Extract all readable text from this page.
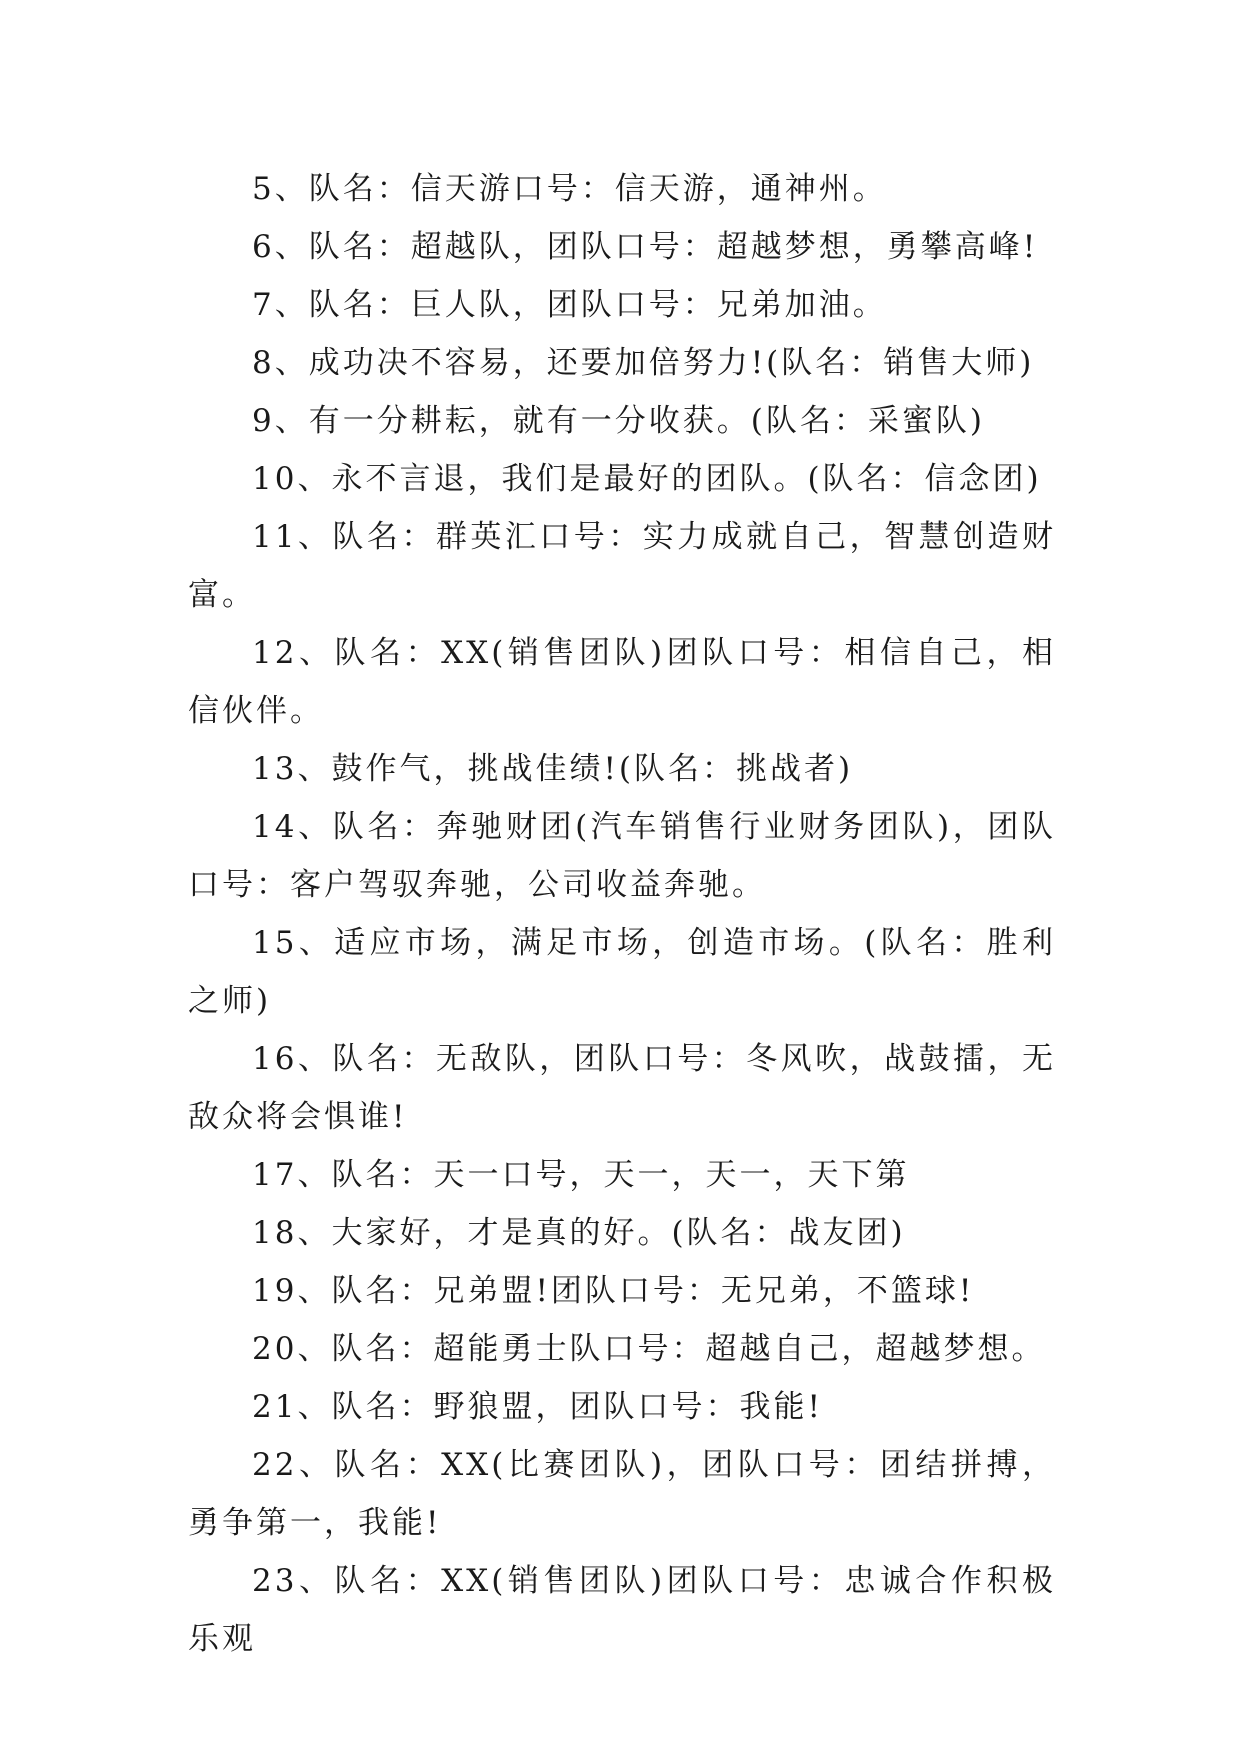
5、队名：信天游口号：信天游，通神州。

6、队名：超越队，团队口号：超越梦想，勇攀高峰!

7、队名：巨人队，团队口号：兄弟加油。

8、成功决不容易，还要加倍努力!(队名：销售大师)

9、有一分耕耘，就有一分收获。(队名：采蜜队)

10、永不言退，我们是最好的团队。(队名：信念团)

11、队名：群英汇口号：实力成就自己，智慧创造财富。

12、队名：XX(销售团队)团队口号：相信自己，相信伙伴。

13、鼓作气，挑战佳绩!(队名：挑战者)

14、队名：奔驰财团(汽车销售行业财务团队)，团队口号：客户驾驭奔驰，公司收益奔驰。

15、适应市场，满足市场，创造市场。(队名：胜利之师)

16、队名：无敌队，团队口号：冬风吹，战鼓擂，无敌众将会惧谁!

17、队名：天一口号，天一，天一，天下第

18、大家好，才是真的好。(队名：战友团)

19、队名：兄弟盟!团队口号：无兄弟，不篮球!

20、队名：超能勇士队口号：超越自己，超越梦想。

21、队名：野狼盟，团队口号：我能!

22、队名：XX(比赛团队)，团队口号：团结拼搏，勇争第一，我能!

23、队名：XX(销售团队)团队口号：忠诚合作积极乐观
